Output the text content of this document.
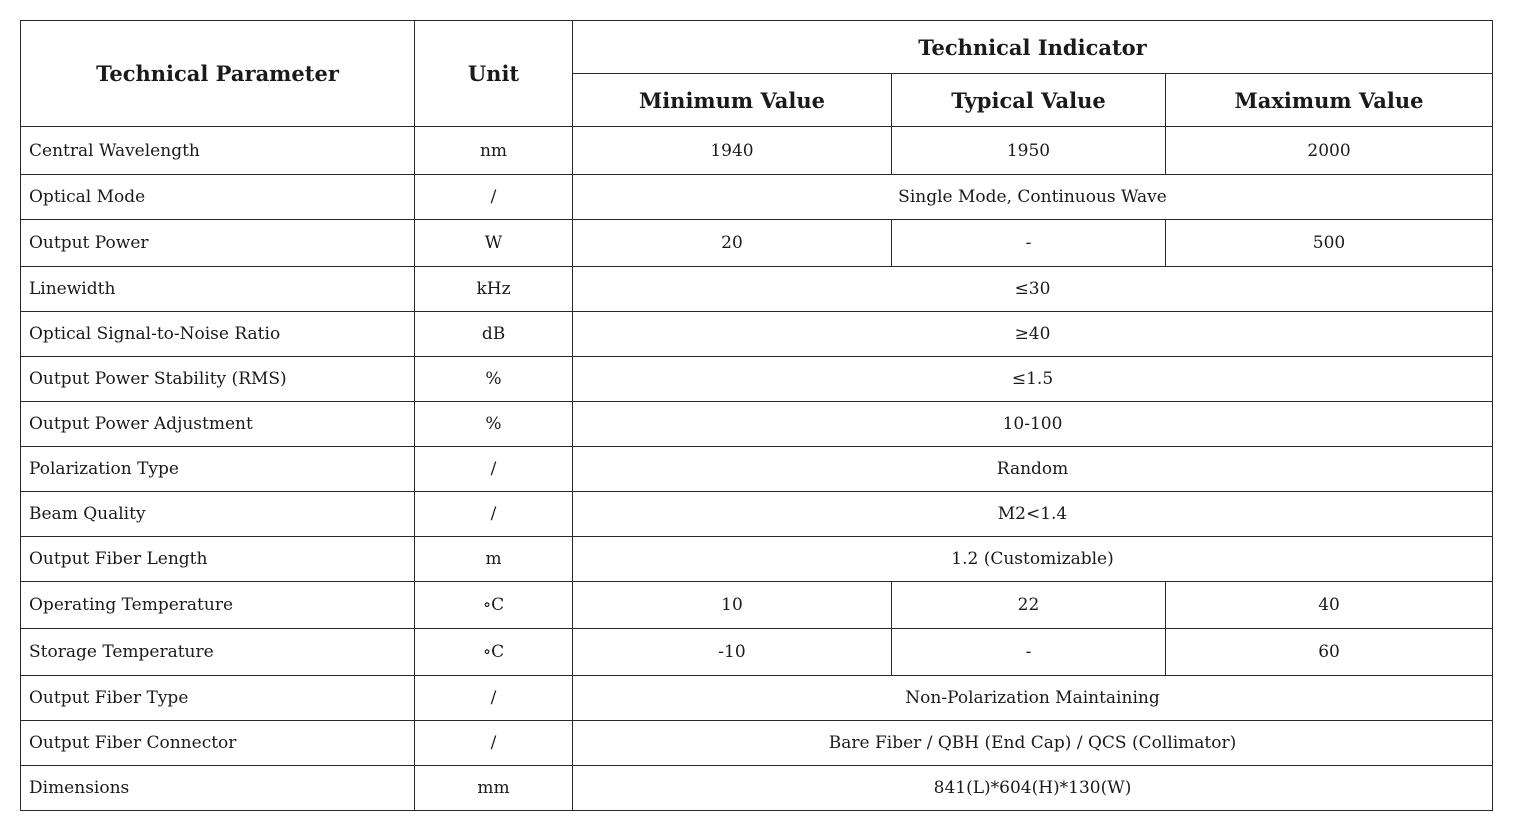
Technical Parameter	Unit	Technical Indicator		
		Minimum Value	Typical Value	Maximum Value
Central Wavelength	nm	1940	1950	2000
Optical Mode	/	Single Mode, Continuous Wave		
Output Power	W	20	-	500
Linewidth	kHz	≤30		
Optical Signal-to-Noise Ratio	dB	≥40		
Output Power Stability (RMS)	%	≤1.5		
Output Power Adjustment	%	10-100		
Polarization Type	/	Random		
Beam Quality	/	M2<1.4		
Output Fiber Length	m	1.2 (Customizable)		
Operating Temperature	∘C	10	22	40
Storage Temperature	∘C	-10	-	60
Output Fiber Type	/	Non-Polarization Maintaining		
Output Fiber Connector	/	Bare Fiber / QBH (End Cap) / QCS (Collimator)		
Dimensions	mm	841(L)*604(H)*130(W)		
